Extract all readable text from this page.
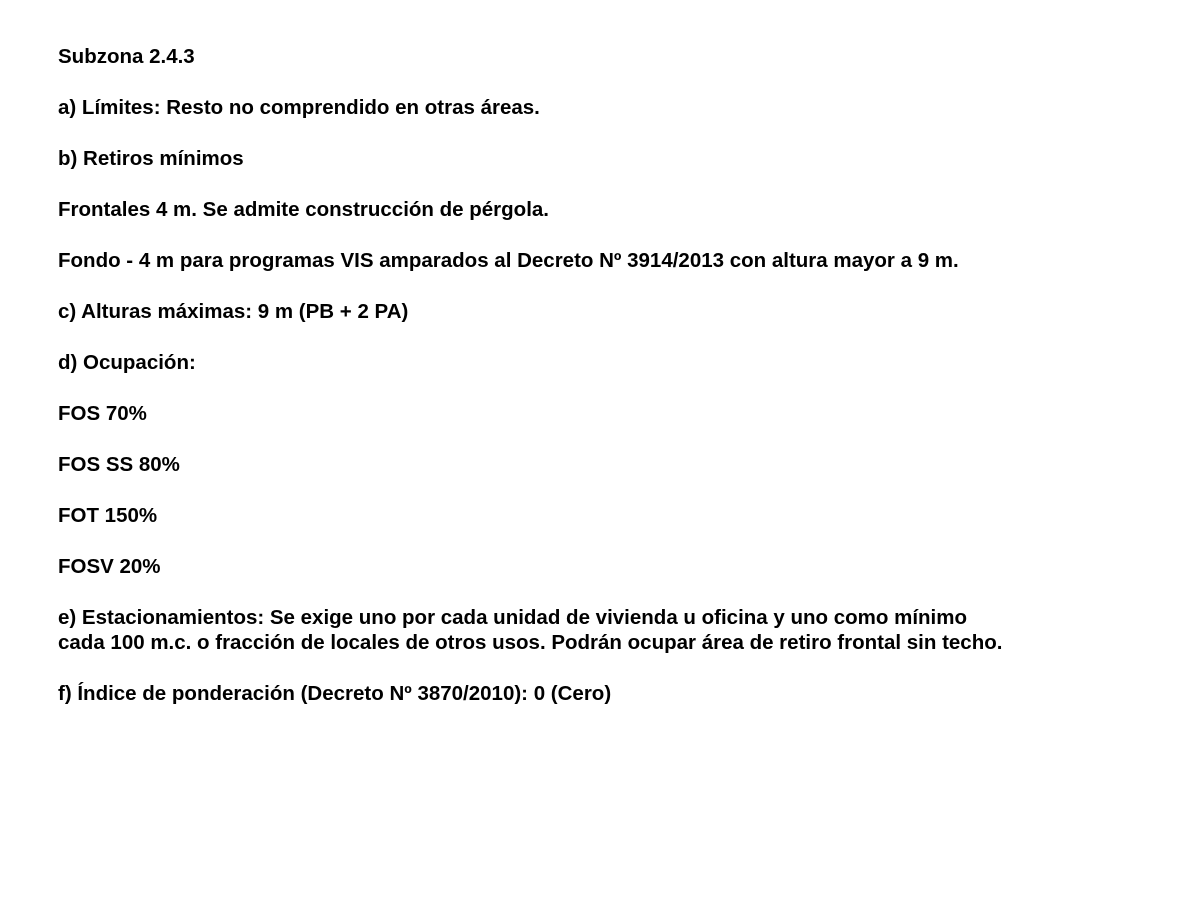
Subzona 2.4.3

a) Límites: Resto no comprendido en otras áreas.

b) Retiros mínimos

Frontales 4 m. Se admite construcción de pérgola.

Fondo - 4 m para programas VIS amparados al Decreto Nº 3914/2013 con altura mayor a 9 m.

c) Alturas máximas: 9 m (PB + 2 PA)

d) Ocupación:

FOS 70%

FOS SS 80%

FOT 150%

FOSV 20%

e) Estacionamientos: Se exige uno por cada unidad de vivienda u oficina y uno como mínimo cada 100 m.c. o fracción de locales de otros usos. Podrán ocupar área de retiro frontal sin techo.

f) Índice de ponderación (Decreto Nº 3870/2010): 0 (Cero)
